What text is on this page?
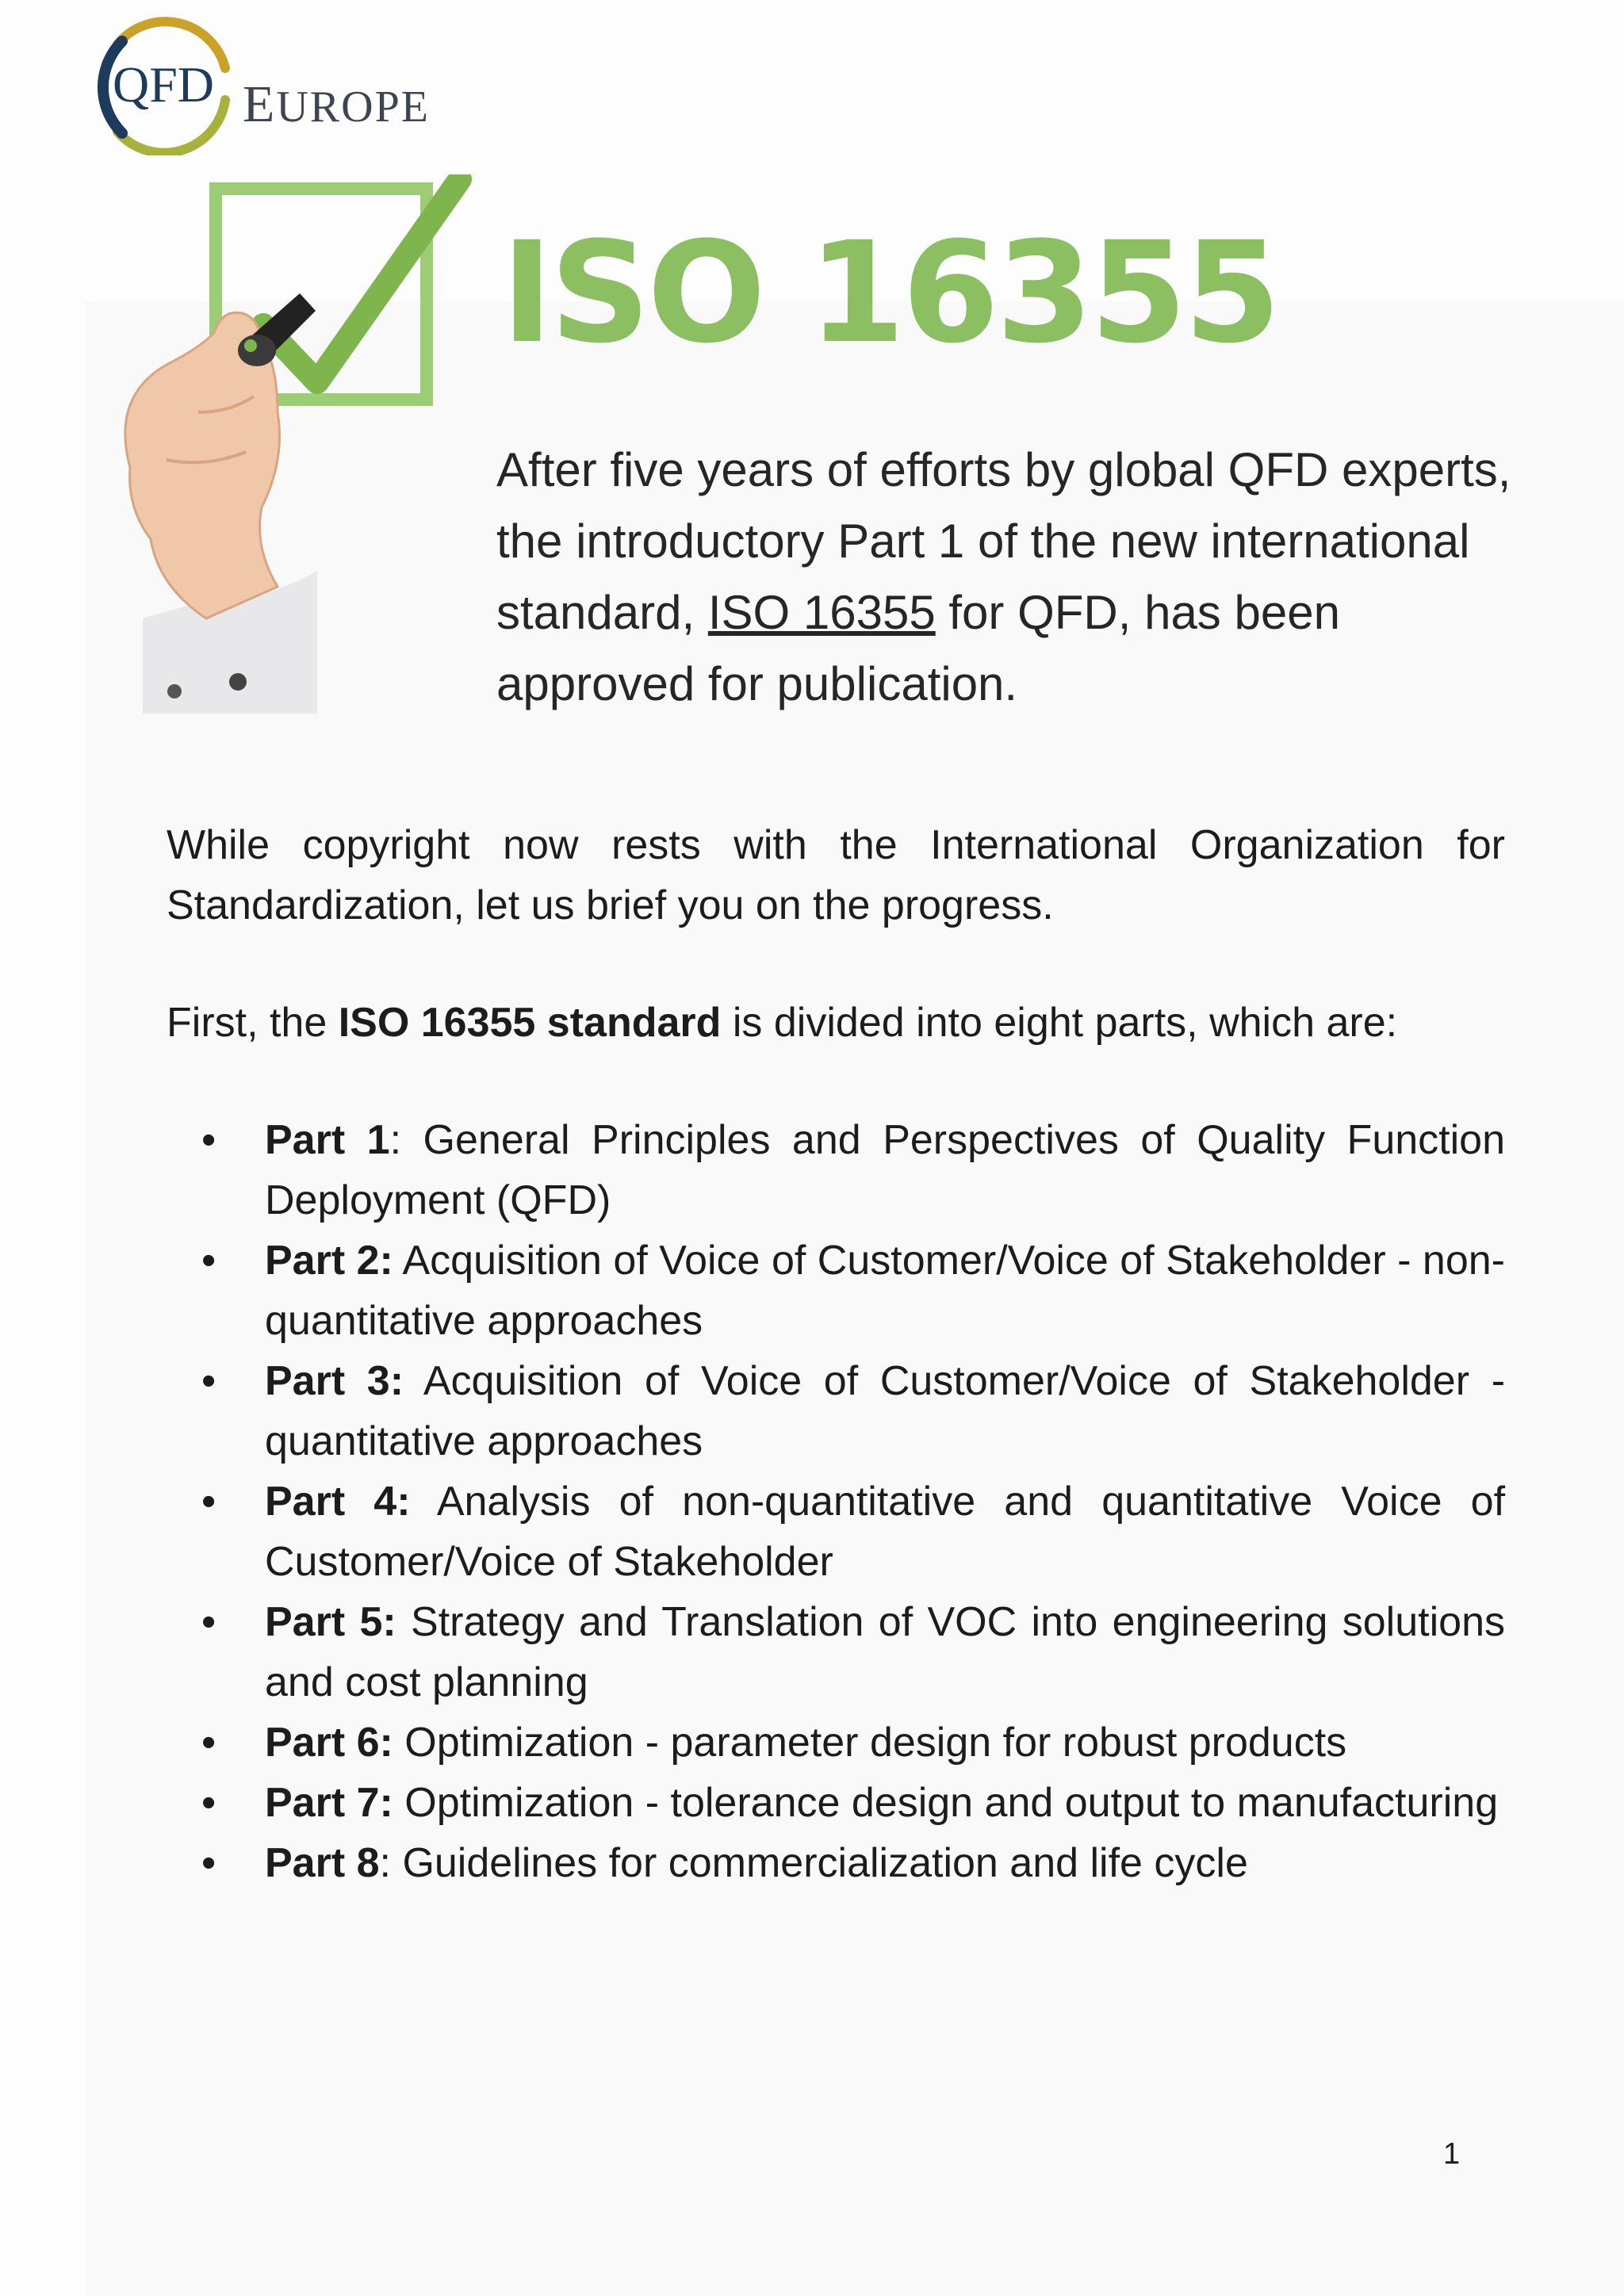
QFD EUROPE
ISO 16355

After five years of efforts by global QFD experts, the introductory Part 1 of the new international standard, ISO 16355 for QFD, has been approved for publication.

While copyright now rests with the International Organization for Standardization, let us brief you on the progress.

First, the ISO 16355 standard is divided into eight parts, which are:

•	Part 1: General Principles and Perspectives of Quality Function Deployment (QFD)
•	Part 2: Acquisition of Voice of Customer/Voice of Stakeholder - non-quantitative approaches
•	Part 3: Acquisition of Voice of Customer/Voice of Stakeholder - quantitative approaches
•	Part 4: Analysis of non-quantitative and quantitative Voice of Customer/Voice of Stakeholder
•	Part 5: Strategy and Translation of VOC into engineering solutions and cost planning
•	Part 6: Optimization - parameter design for robust products
•	Part 7: Optimization - tolerance design and output to manufacturing
•	Part 8: Guidelines for commercialization and life cycle
1
